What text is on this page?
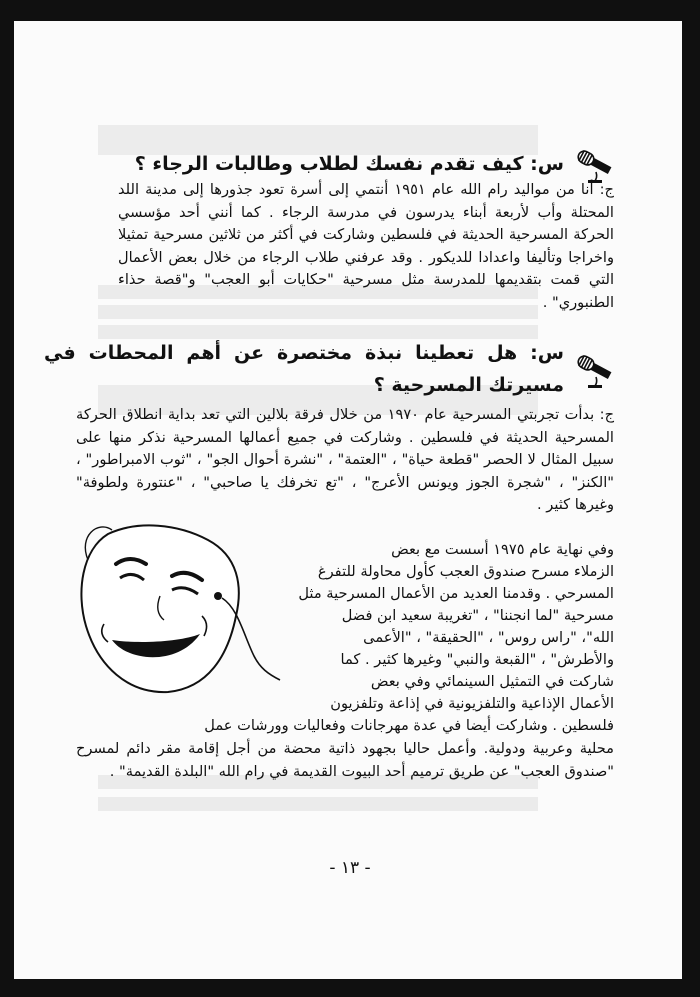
س: كيف تقدم نفسك لطلاب وطالبات الرجاء ؟

ج: أنا من مواليد رام الله عام ١٩٥١ أنتمي إلى أسرة تعود جذورها إلى مدينة اللد المحتلة وأب لأربعة أبناء يدرسون في مدرسة الرجاء . كما أنني أحد مؤسسي الحركة المسرحية الحديثة في فلسطين وشاركت في أكثر من ثلاثين مسرحية تمثيلا واخراجا وتأليفا واعدادا للديكور . وقد عرفني طلاب الرجاء من خلال بعض الأعمال التي قمت بتقديمها للمدرسة مثل مسرحية "حكايات أبو العجب" و"قصة حذاء الطنبوري" .

س: هل تعطينا نبذة مختصرة عن أهم المحطات في مسيرتك المسرحية ؟

ج: بدأت تجربتي المسرحية عام ١٩٧٠ من خلال فرقة بلالين التي تعد بداية انطلاق الحركة المسرحية الحديثة في فلسطين . وشاركت في جميع أعمالها المسرحية نذكر منها على سبيل المثال لا الحصر "قطعة حياة" ، "العتمة" ، "نشرة أحوال الجو" ، "ثوب الامبراطور" ، "الكنز" ، "شجرة الجوز ويونس الأعرج" ، "تع تخرفك يا صاحبي" ، "عنتورة ولطوفة" وغيرها كثير .

وفي نهاية عام ١٩٧٥ أسست مع بعض

الزملاء مسرح صندوق العجب كأول محاولة للتفرغ

المسرحي . وقدمنا العديد من الأعمال المسرحية مثل

مسرحية "لما انجننا" ، "تغريبة سعيد ابن فضل

الله"، "راس روس" ، "الحقيقة" ، "الأعمى

والأطرش" ، "القبعة والنبي" وغيرها كثير . كما

شاركت في التمثيل السينمائي وفي بعض

الأعمال الإذاعية والتلفزيونية في إذاعة وتلفزيون

فلسطين . وشاركت أيضا في عدة مهرجانات وفعاليات وورشات عمل

محلية وعربية ودولية. وأعمل حاليا بجهود ذاتية محضة من أجل إقامة مقر دائم لمسرح "صندوق العجب" عن طريق ترميم أحد البيوت القديمة في رام الله "البلدة القديمة" .

- ١٣ -
